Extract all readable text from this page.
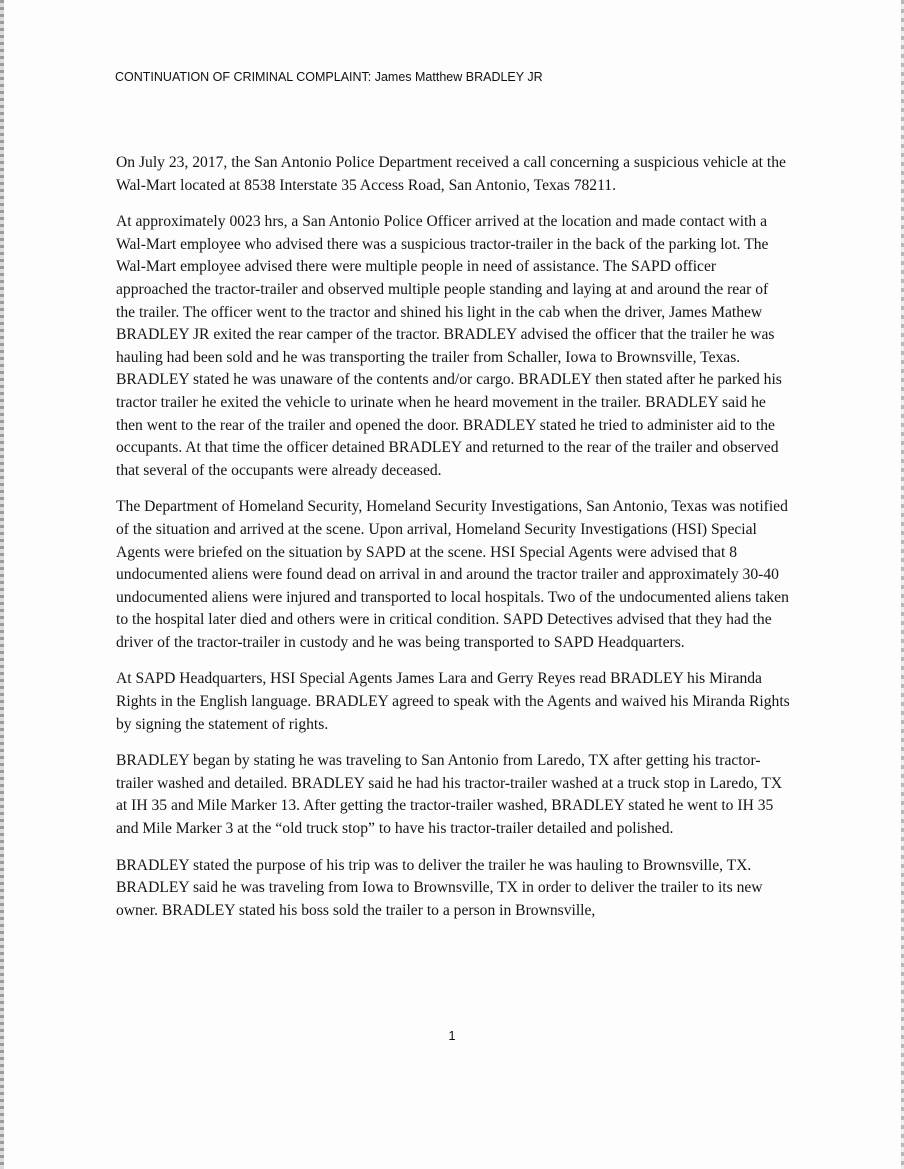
CONTINUATION OF CRIMINAL COMPLAINT: James Matthew BRADLEY JR

On July 23, 2017, the San Antonio Police Department received a call concerning a suspicious vehicle at the Wal-Mart located at 8538 Interstate 35 Access Road, San Antonio, Texas 78211.

At approximately 0023 hrs, a San Antonio Police Officer arrived at the location and made contact with a Wal-Mart employee who advised there was a suspicious tractor-trailer in the back of the parking lot. The Wal-Mart employee advised there were multiple people in need of assistance. The SAPD officer approached the tractor-trailer and observed multiple people standing and laying at and around the rear of the trailer. The officer went to the tractor and shined his light in the cab when the driver, James Mathew BRADLEY JR exited the rear camper of the tractor. BRADLEY advised the officer that the trailer he was hauling had been sold and he was transporting the trailer from Schaller, Iowa to Brownsville, Texas. BRADLEY stated he was unaware of the contents and/or cargo. BRADLEY then stated after he parked his tractor trailer he exited the vehicle to urinate when he heard movement in the trailer. BRADLEY said he then went to the rear of the trailer and opened the door. BRADLEY stated he tried to administer aid to the occupants. At that time the officer detained BRADLEY and returned to the rear of the trailer and observed that several of the occupants were already deceased.

The Department of Homeland Security, Homeland Security Investigations, San Antonio, Texas was notified of the situation and arrived at the scene. Upon arrival, Homeland Security Investigations (HSI) Special Agents were briefed on the situation by SAPD at the scene. HSI Special Agents were advised that 8 undocumented aliens were found dead on arrival in and around the tractor trailer and approximately 30-40 undocumented aliens were injured and transported to local hospitals. Two of the undocumented aliens taken to the hospital later died and others were in critical condition. SAPD Detectives advised that they had the driver of the tractor-trailer in custody and he was being transported to SAPD Headquarters.

At SAPD Headquarters, HSI Special Agents James Lara and Gerry Reyes read BRADLEY his Miranda Rights in the English language. BRADLEY agreed to speak with the Agents and waived his Miranda Rights by signing the statement of rights.

BRADLEY began by stating he was traveling to San Antonio from Laredo, TX after getting his tractor-trailer washed and detailed. BRADLEY said he had his tractor-trailer washed at a truck stop in Laredo, TX at IH 35 and Mile Marker 13. After getting the tractor-trailer washed, BRADLEY stated he went to IH 35 and Mile Marker 3 at the “old truck stop” to have his tractor-trailer detailed and polished.

BRADLEY stated the purpose of his trip was to deliver the trailer he was hauling to Brownsville, TX. BRADLEY said he was traveling from Iowa to Brownsville, TX in order to deliver the trailer to its new owner. BRADLEY stated his boss sold the trailer to a person in Brownsville,

1
